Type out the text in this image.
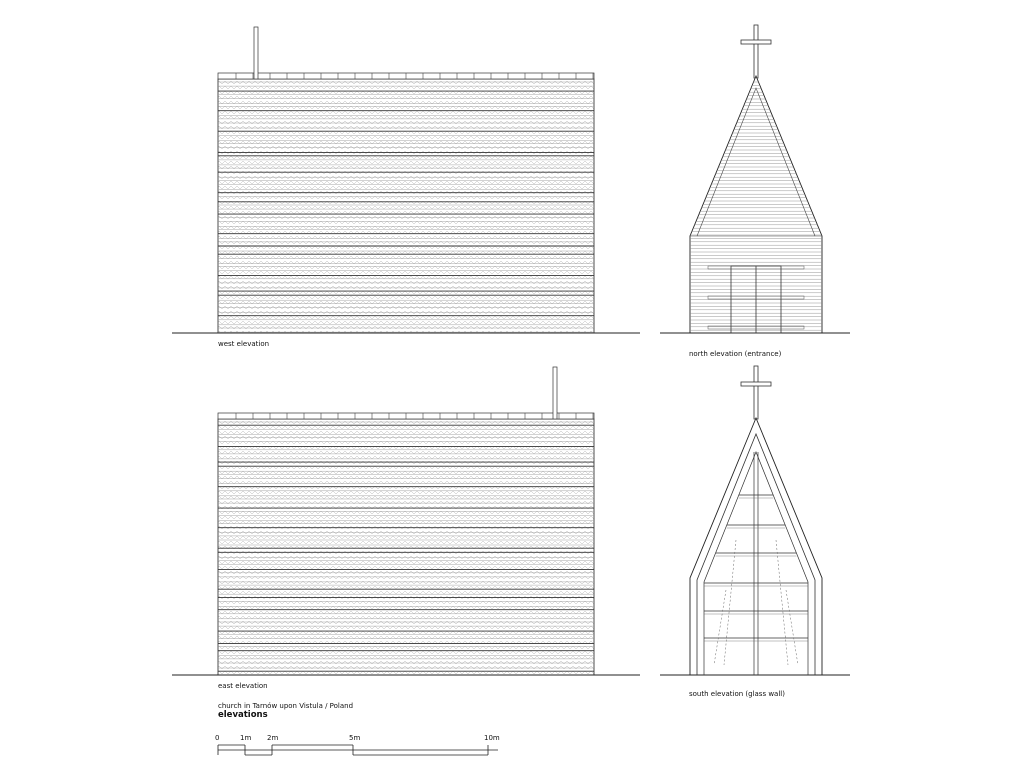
west elevation
north elevation (entrance)
east elevation
south elevation (glass wall)
church in Tarnów upon Vistula / Poland
elevations
0	1m 2m	5m	10m
